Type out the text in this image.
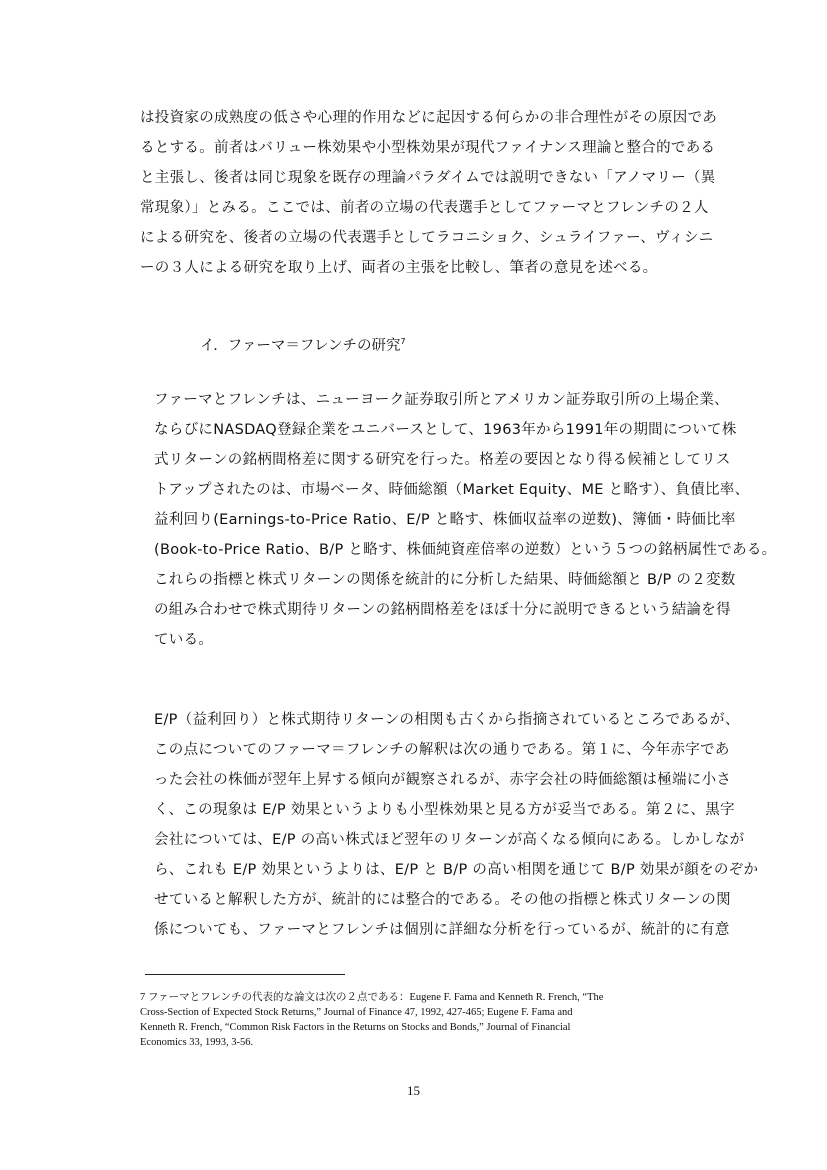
は投資家の成熟度の低さや心理的作用などに起因する何らかの非合理性がその原因であ
るとする。前者はバリュー株効果や小型株効果が現代ファイナンス理論と整合的である
と主張し、後者は同じ現象を既存の理論パラダイムでは説明できない「アノマリー（異
常現象）」とみる。ここでは、前者の立場の代表選手としてファーマとフレンチの２人
による研究を、後者の立場の代表選手としてラコニショク、シュライファー、ヴィシニ
ーの３人による研究を取り上げ、両者の主張を比較し、筆者の意見を述べる。
イ．ファーマ＝フレンチの研究$^7$
ファーマとフレンチは、ニューヨーク証券取引所とアメリカン証券取引所の上場企業、
ならびにNASDAQ登録企業をユニバースとして、1963年から1991年の期間について株
式リターンの銘柄間格差に関する研究を行った。格差の要因となり得る候補としてリス
トアップされたのは、市場ベータ、時価総額（Market Equity、ME と略す）、負債比率、
益利回り(Earnings-to-Price Ratio、E/P と略す、株価収益率の逆数)、簿価・時価比率
(Book-to-Price Ratio、B/P と略す、株価純資産倍率の逆数）という５つの銘柄属性である。
これらの指標と株式リターンの関係を統計的に分析した結果、時価総額と B/P の２変数
の組み合わせで株式期待リターンの銘柄間格差をほぼ十分に説明できるという結論を得
ている。
E/P（益利回り）と株式期待リターンの相関も古くから指摘されているところであるが、
この点についてのファーマ＝フレンチの解釈は次の通りである。第１に、今年赤字であ
った会社の株価が翌年上昇する傾向が観察されるが、赤字会社の時価総額は極端に小さ
く、この現象は E/P 効果というよりも小型株効果と見る方が妥当である。第２に、黒字
会社については、E/P の高い株式ほど翌年のリターンが高くなる傾向にある。しかしなが
ら、これも E/P 効果というよりは、E/P と B/P の高い相関を通じて B/P 効果が顔をのぞか
せていると解釈した方が、統計的には整合的である。その他の指標と株式リターンの関
係についても、ファーマとフレンチは個別に詳細な分析を行っているが、統計的に有意
7 ファーマとフレンチの代表的な論文は次の２点である：Eugene F. Fama and Kenneth R. French, “The
Cross-Section of Expected Stock Returns,” Journal of Finance 47, 1992, 427-465; Eugene F. Fama and
Kenneth R. French, “Common Risk Factors in the Returns on Stocks and Bonds,” Journal of Financial
Economics 33, 1993, 3-56.
15
